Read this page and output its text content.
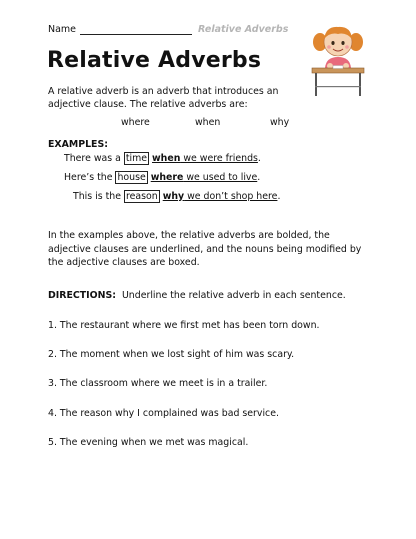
Name	Relative Adverbs
Relative Adverbs

A relative adverb is an adverb that introduces an adjective clause. The relative adverbs are:

where	when	why

EXAMPLES:

There was a time when we were friends.
Here’s the house where we used to live.
This is the reason why we don’t shop here.

In the examples above, the relative adverbs are bolded, the adjective clauses are underlined, and the nouns being modified by the adjective clauses are boxed.

DIRECTIONS:  Underline the relative adverb in each sentence.

1. The restaurant where we first met has been torn down.

2. The moment when we lost sight of him was scary.

3. The classroom where we meet is in a trailer.

4. The reason why I complained was bad service.

5. The evening when we met was magical.
